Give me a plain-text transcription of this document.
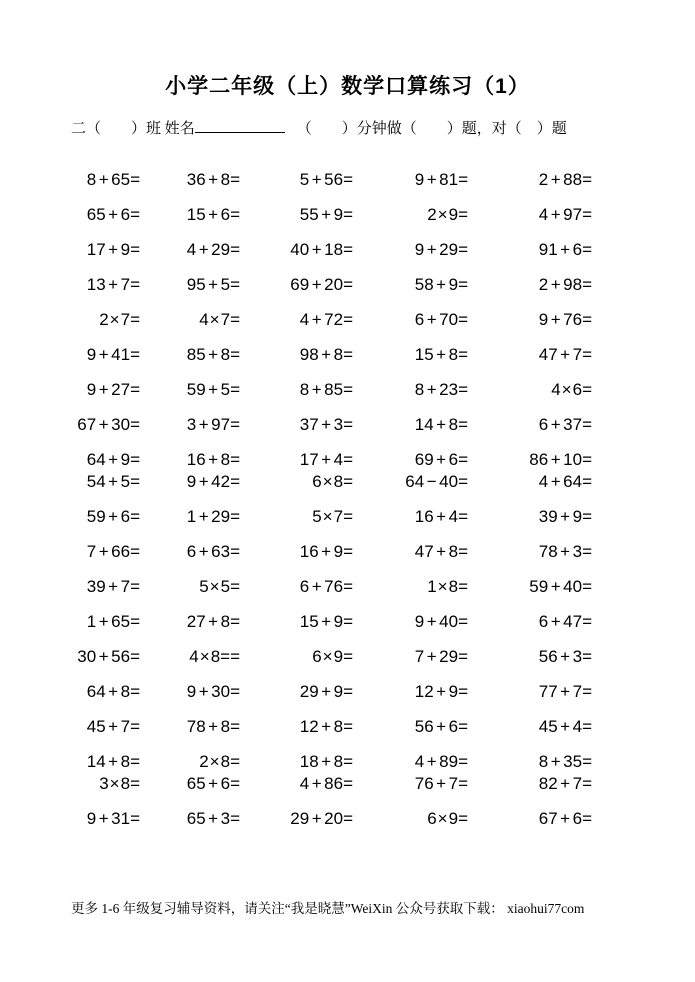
小学二年级（上）数学口算练习（1）
二（　　）班 姓名	（　　）分钟做（　　）题，对（　）题
8 + 65=	36 + 8=	5 + 56=	9 + 81=	2 + 88=
65 + 6=	15 + 6=	55 + 9=	2×9=	4 + 97=
17 + 9=	4 + 29=	40 + 18=	9 + 29=	91 + 6=
13 + 7=	95 + 5=	69 + 20=	58 + 9=	2 + 98=
2×7=	4×7=	4 + 72=	6 + 70=	9 + 76=
9 + 41=	85 + 8=	98 + 8=	15 + 8=	47 + 7=
9 + 27=	59 + 5=	8 + 85=	8 + 23=	4×6=
67 + 30=	3 + 97=	37 + 3=	14 + 8=	6 + 37=
64 + 9=	16 + 8=	17 + 4=	69 + 6=	86 + 10=
54 + 5=	9 + 42=	6×8=	64 − 40=	4 + 64=
59 + 6=	1 + 29=	5×7=	16 + 4=	39 + 9=
7 + 66=	6 + 63=	16 + 9=	47 + 8=	78 + 3=
39 + 7=	5×5=	6 + 76=	1×8=	59 + 40=
1 + 65=	27 + 8=	15 + 9=	9 + 40=	6 + 47=
30 + 56=	4×8==	6×9=	7 + 29=	56 + 3=
64 + 8=	9 + 30=	29 + 9=	12 + 9=	77 + 7=
45 + 7=	78 + 8=	12 + 8=	56 + 6=	45 + 4=
14 + 8=	2×8=	18 + 8=	4 + 89=	8 + 35=
3×8=	65 + 6=	4 + 86=	76 + 7=	82 + 7=
9 + 31=	65 + 3=	29 + 20=	6×9=	67 + 6=
更多 1-6 年级复习辅导资料，请关注“我是晓慧”WeiXin 公众号获取下载： xiaohui77com
